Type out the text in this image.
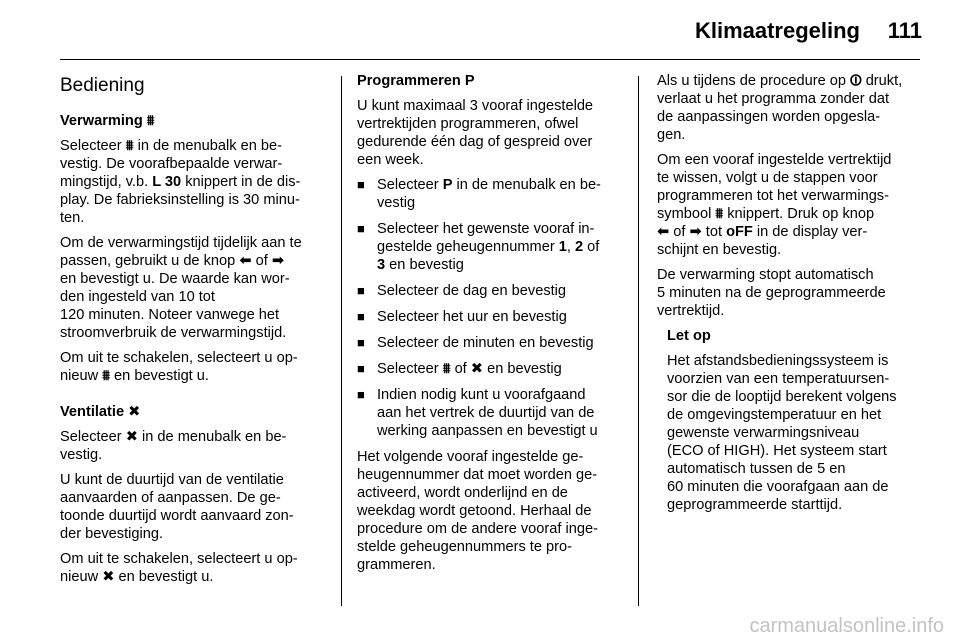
Klimaatregeling 111
Bediening

Verwarming ⩩

Selecteer ⩩ in de menubalk en be-
vestig. De voorafbepaalde verwar-
mingstijd, v.b. L 30 knippert in de dis-
play. De fabrieksinstelling is 30 minu-
ten.

Om de verwarmingstijd tijdelijk aan te
passen, gebruikt u de knop ⬅ of ➡
en bevestigt u. De waarde kan wor-
den ingesteld van 10 tot
120 minuten. Noteer vanwege het
stroomverbruik de verwarmingstijd.

Om uit te schakelen, selecteert u op-
nieuw ⩩ en bevestigt u.

Ventilatie ✖

Selecteer ✖ in de menubalk en be-
vestig.

U kunt de duurtijd van de ventilatie
aanvaarden of aanpassen. De ge-
toonde duurtijd wordt aanvaard zon-
der bevestiging.

Om uit te schakelen, selecteert u op-
nieuw ✖ en bevestigt u.

Programmeren P

U kunt maximaal 3 vooraf ingestelde
vertrektijden programmeren, ofwel
gedurende één dag of gespreid over
een week.

■ Selecteer P in de menubalk en be-
vestig
■ Selecteer het gewenste vooraf in-
gestelde geheugennummer 1, 2 of
3 en bevestig
■ Selecteer de dag en bevestig
■ Selecteer het uur en bevestig
■ Selecteer de minuten en bevestig
■ Selecteer ⩩ of ✖ en bevestig
■ Indien nodig kunt u voorafgaand
aan het vertrek de duurtijd van de
werking aanpassen en bevestigt u

Het volgende vooraf ingestelde ge-
heugennummer dat moet worden ge-
activeerd, wordt onderlijnd en de
weekdag wordt getoond. Herhaal de
procedure om de andere vooraf inge-
stelde geheugennummers te pro-
grammeren.

Als u tijdens de procedure op ⏼ drukt,
verlaat u het programma zonder dat
de aanpassingen worden opgesla-
gen.

Om een vooraf ingestelde vertrektijd
te wissen, volgt u de stappen voor
programmeren tot het verwarmings-
symbool ⩩ knippert. Druk op knop
⬅ of ➡ tot oFF in de display ver-
schijnt en bevestig.

De verwarming stopt automatisch
5 minuten na de geprogrammeerde
vertrektijd.

Let op

Het afstandsbedieningssysteem is
voorzien van een temperatuursen-
sor die de looptijd berekent volgens
de omgevingstemperatuur en het
gewenste verwarmingsniveau
(ECO of HIGH). Het systeem start
automatisch tussen de 5 en
60 minuten die voorafgaan aan de
geprogrammeerde starttijd.

carmanualsonline.info
